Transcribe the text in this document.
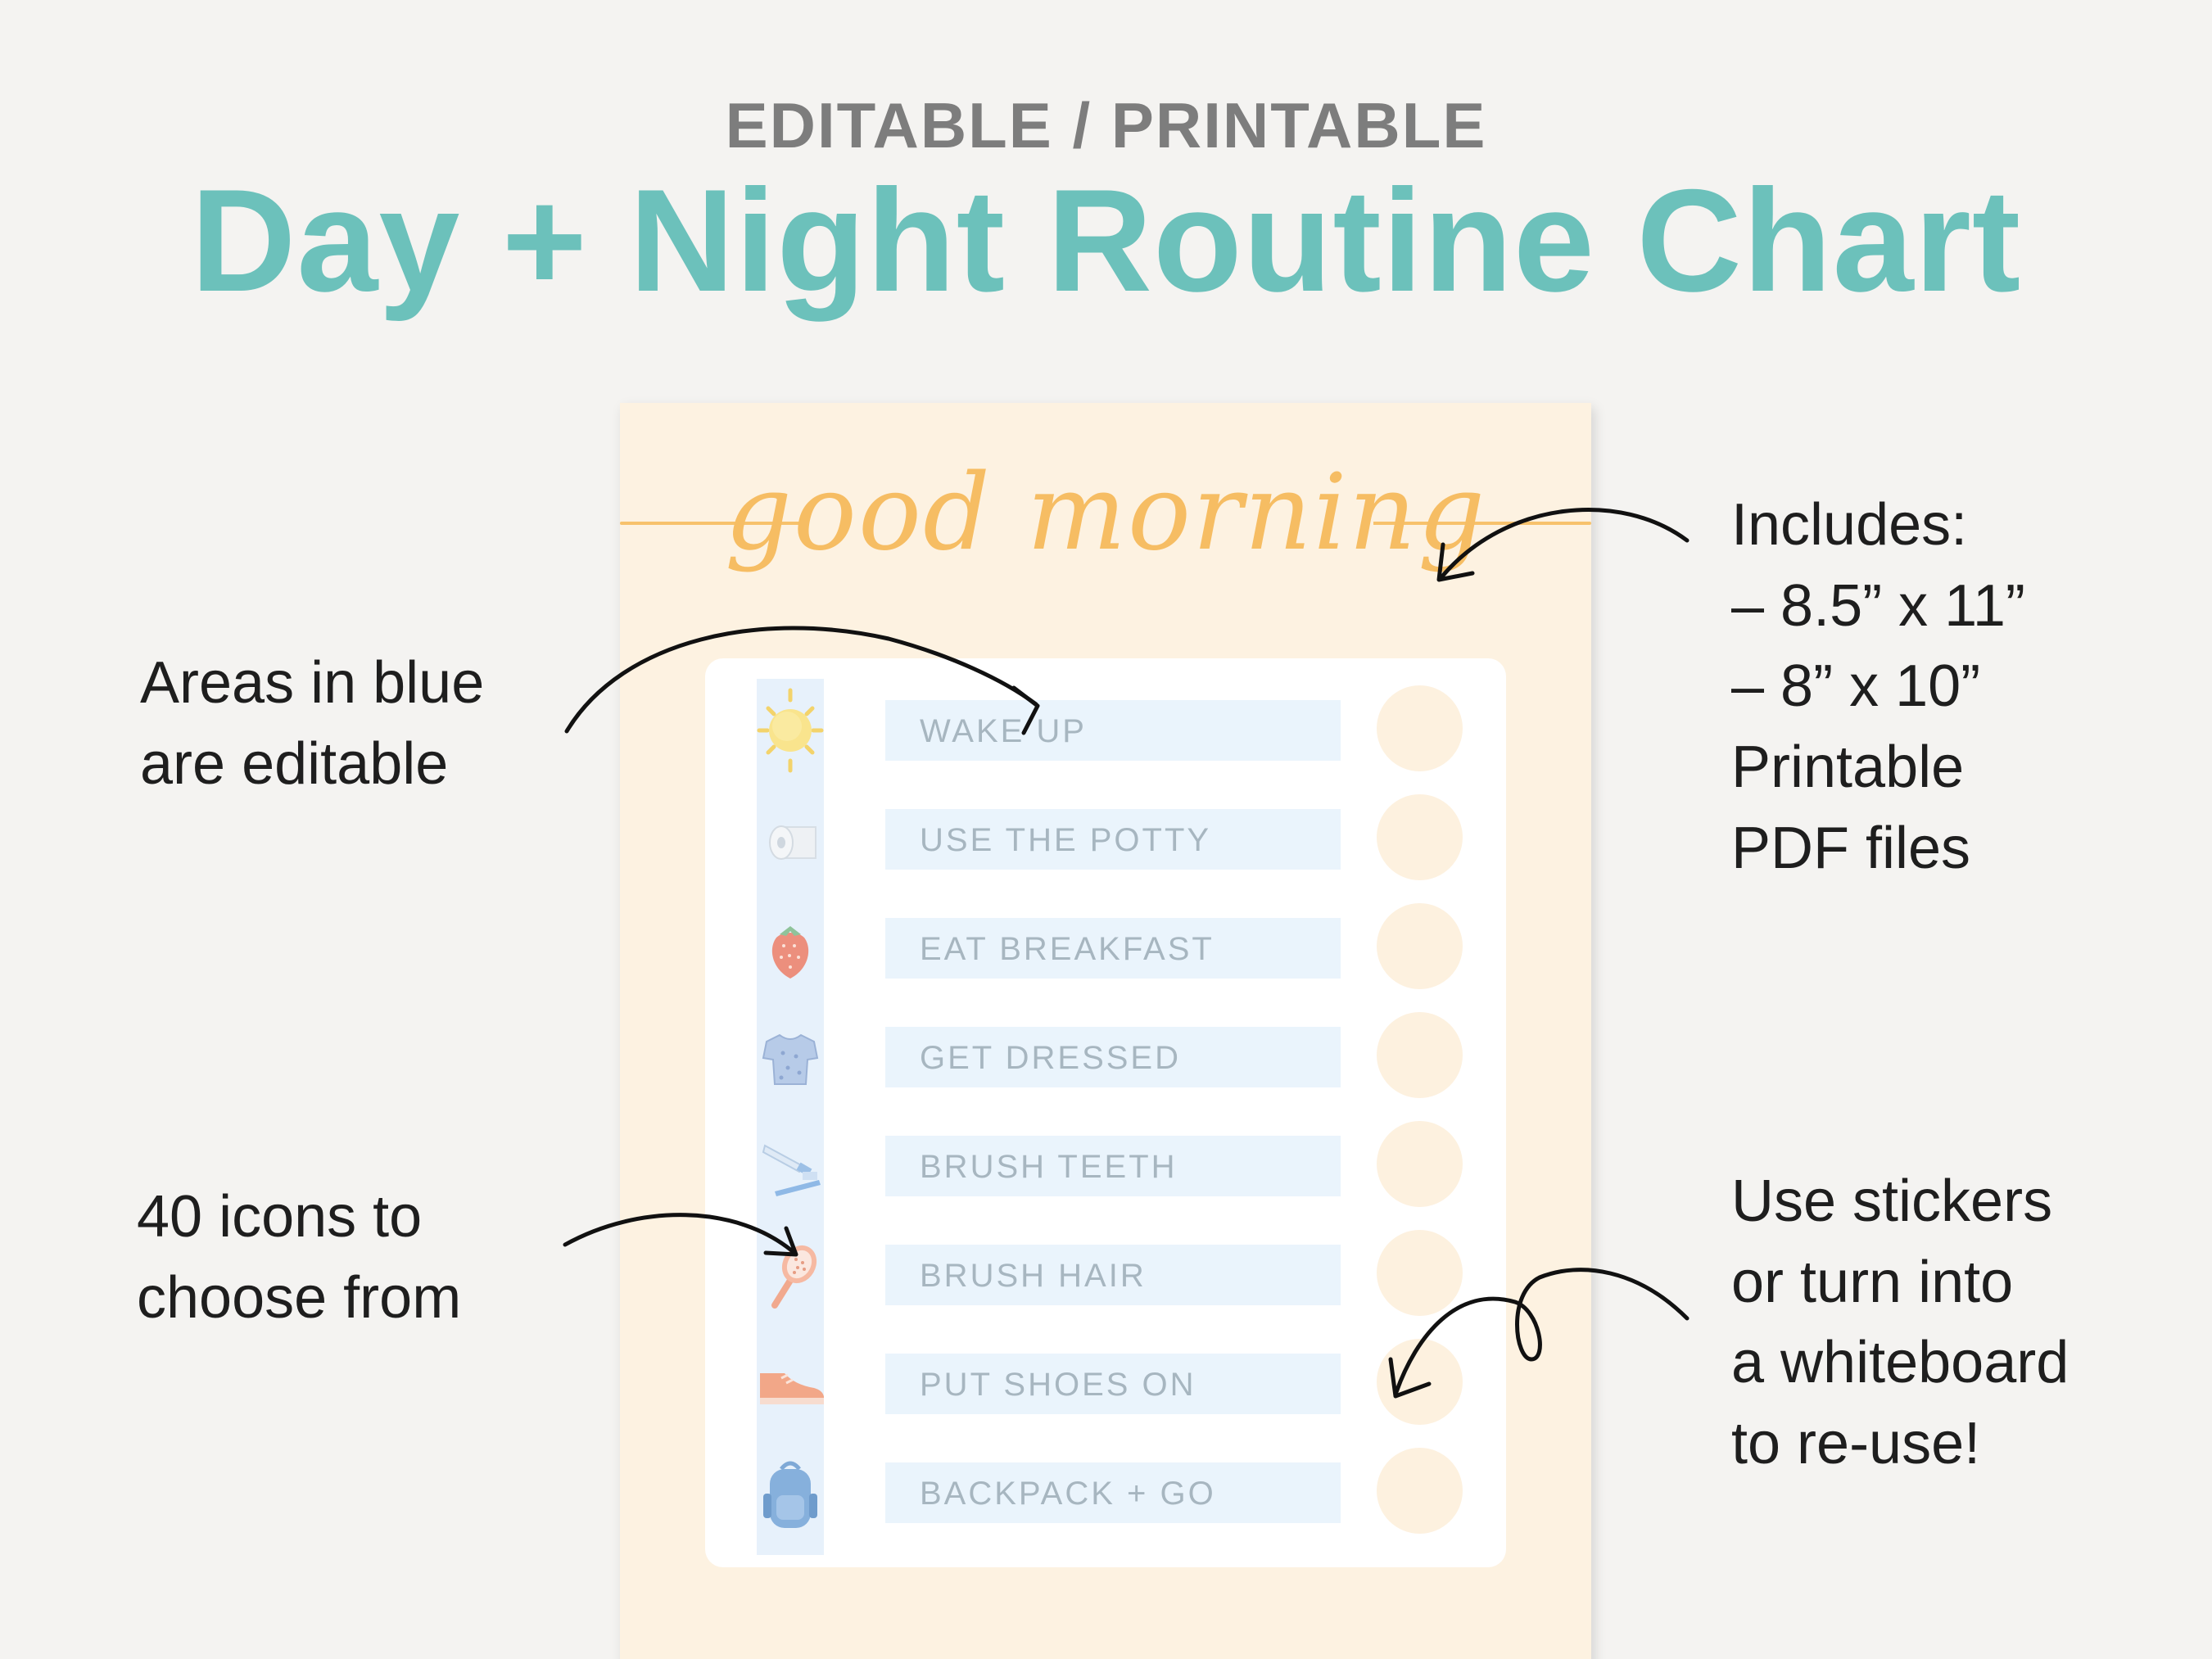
EDITABLE / PRINTABLE
Day + Night Routine Chart
good morning
WAKE UP
USE THE POTTY
EAT BREAKFAST
GET DRESSED
BRUSH TEETH
BRUSH HAIR
PUT SHOES ON
BACKPACK + GO
Areas in blue
are editable
40 icons to
choose from
Includes:
– 8.5” x 11”
– 8” x 10”
Printable
PDF files
Use stickers
or turn into
a whiteboard
to re-use!
